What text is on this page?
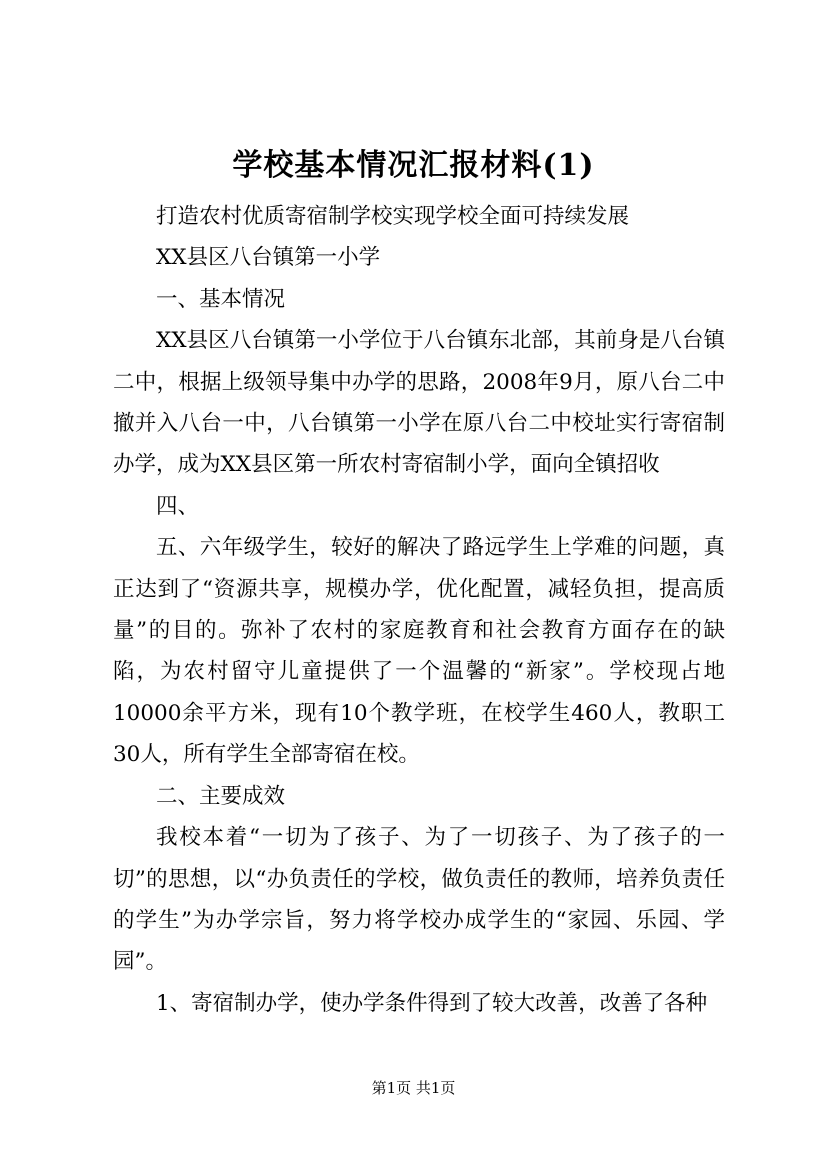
学校基本情况汇报材料(1)

打造农村优质寄宿制学校实现学校全面可持续发展

XX县区八台镇第一小学

一、基本情况

XX县区八台镇第一小学位于八台镇东北部，其前身是八台镇二中，根据上级领导集中办学的思路，2008年9月，原八台二中撤并入八台一中，八台镇第一小学在原八台二中校址实行寄宿制办学，成为XX县区第一所农村寄宿制小学，面向全镇招收

四、

五、六年级学生，较好的解决了路远学生上学难的问题，真正达到了“资源共享，规模办学，优化配置，减轻负担，提高质量”的目的。弥补了农村的家庭教育和社会教育方面存在的缺陷，为农村留守儿童提供了一个温馨的“新家”。学校现占地10000余平方米，现有10个教学班，在校学生460人，教职工30人，所有学生全部寄宿在校。

二、主要成效

我校本着“一切为了孩子、为了一切孩子、为了孩子的一切”的思想，以“办负责任的学校，做负责任的教师，培养负责任的学生”为办学宗旨，努力将学校办成学生的“家园、乐园、学园”。

1、寄宿制办学，使办学条件得到了较大改善，改善了各种

第1页 共1页
